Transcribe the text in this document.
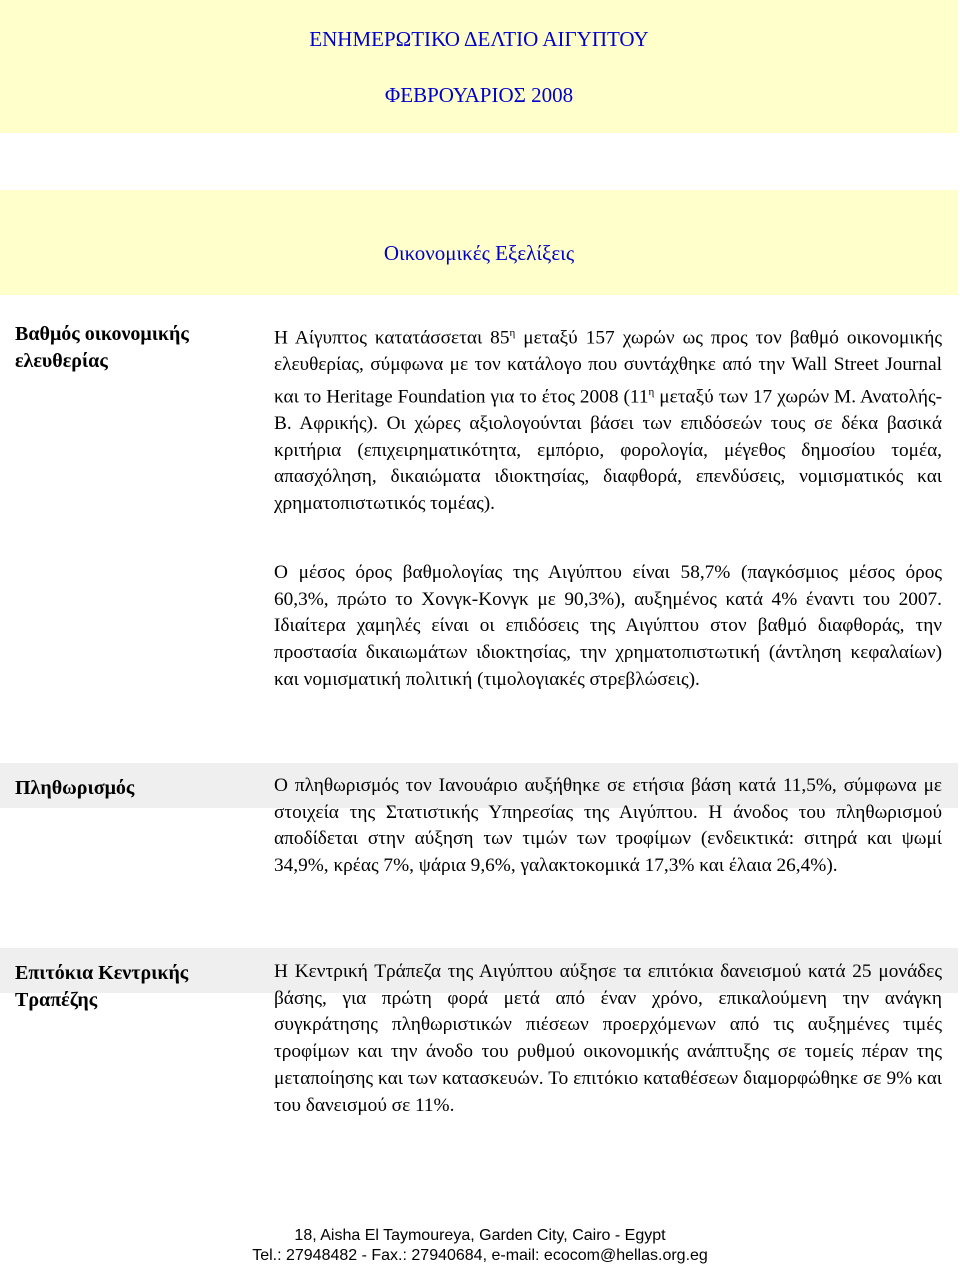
ΕΝΗΜΕΡΩΤΙΚΟ ΔΕΛΤΙΟ ΑΙΓΥΠΤΟΥ
ΦΕΒΡΟΥΑΡΙΟΣ 2008
Οικονομικές Εξελίξεις
Βαθμός οικονομικής ελευθερίας
Η Αίγυπτος κατατάσσεται $85^\eta$ μεταξύ 157 χωρών ως προς τον βαθμό οικονομικής ελευθερίας, σύμφωνα με τον κατάλογο που συντάχθηκε από την Wall Street Journal και το Heritage Foundation για το έτος 2008 ($11^\eta$ μεταξύ των 17 χωρών Μ. Ανατολής-Β. Αφρικής). Οι χώρες αξιολογούνται βάσει των επιδόσεών τους σε δέκα βασικά κριτήρια (επιχειρηματικότητα, εμπόριο, φορολογία, μέγεθος δημοσίου τομέα, απασχόληση, δικαιώματα ιδιοκτησίας, διαφθορά, επενδύσεις, νομισματικός και χρηματοπιστωτικός τομέας).
Ο μέσος όρος βαθμολογίας της Αιγύπτου είναι 58,7% (παγκόσμιος μέσος όρος 60,3%, πρώτο το Χονγκ-Κονγκ με 90,3%), αυξημένος κατά 4% έναντι του 2007. Ιδιαίτερα χαμηλές είναι οι επιδόσεις της Αιγύπτου στον βαθμό διαφθοράς, την προστασία δικαιωμάτων ιδιοκτησίας, την χρηματοπιστωτική (άντληση κεφαλαίων) και νομισματική πολιτική (τιμολογιακές στρεβλώσεις).
Πληθωρισμός	Ο πληθωρισμός τον Ιανουάριο αυξήθηκε σε ετήσια βάση κατά 11,5%, σύμφωνα με στοιχεία της Στατιστικής Υπηρεσίας της Αιγύπτου. Η άνοδος του πληθωρισμού αποδίδεται στην αύξηση των τιμών των τροφίμων (ενδεικτικά: σιτηρά και ψωμί 34,9%, κρέας 7%, ψάρια 9,6%, γαλακτοκομικά 17,3% και έλαια 26,4%).
Επιτόκια Κεντρικής Τραπέζης
Η Κεντρική Τράπεζα της Αιγύπτου αύξησε τα επιτόκια δανεισμού κατά 25 μονάδες βάσης, για πρώτη φορά μετά από έναν χρόνο, επικαλούμενη την ανάγκη συγκράτησης πληθωριστικών πιέσεων προερχόμενων από τις αυξημένες τιμές τροφίμων και την άνοδο του ρυθμού οικονομικής ανάπτυξης σε τομείς πέραν της μεταποίησης και των κατασκευών. Το επιτόκιο καταθέσεων διαμορφώθηκε σε 9% και του δανεισμού σε 11%.
18, Aisha El Taymoureya, Garden City, Cairo - Egypt
Tel.: 27948482 - Fax.: 27940684, e-mail: ecocom@hellas.org.eg
